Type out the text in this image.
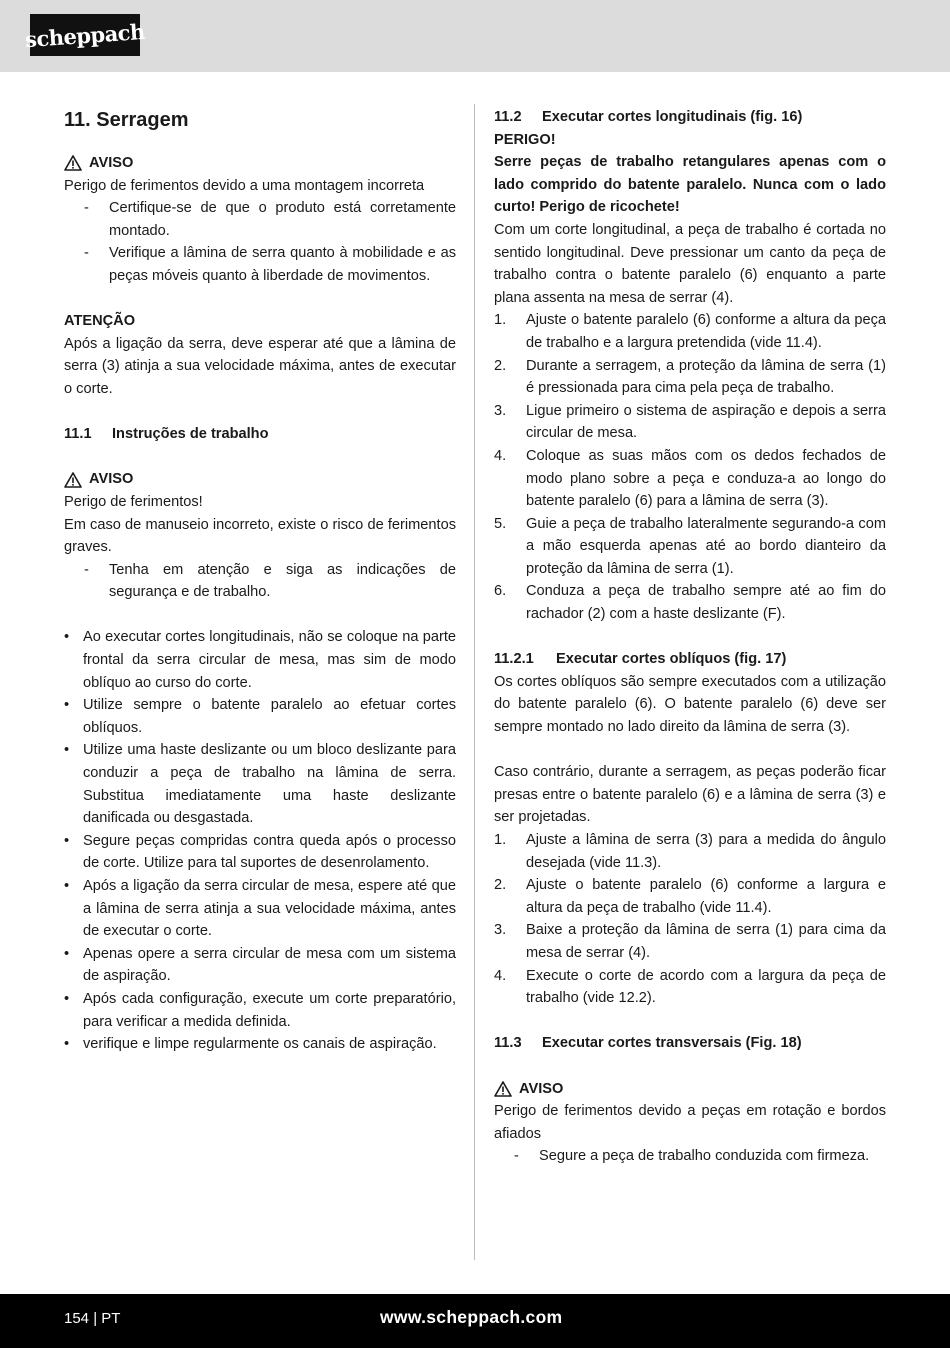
scheppach
11. Serragem
AVISO

Perigo de ferimentos devido a uma montagem incorreta

- Certifique-se de que o produto está corretamente montado.
- Verifique a lâmina de serra quanto à mobilidade e as peças móveis quanto à liberdade de movimentos.

ATENÇÃO

Após a ligação da serra, deve esperar até que a lâmina de serra (3) atinja a sua velocidade máxima, antes de executar o corte.

11.1 Instruções de trabalho

AVISO

Perigo de ferimentos!

Em caso de manuseio incorreto, existe o risco de ferimentos graves.

- Tenha em atenção e siga as indicações de segurança e de trabalho.
• Ao executar cortes longitudinais, não se coloque na parte frontal da serra circular de mesa, mas sim de modo oblíquo ao curso do corte.
• Utilize sempre o batente paralelo ao efetuar cortes oblíquos.
• Utilize uma haste deslizante ou um bloco deslizante para conduzir a peça de trabalho na lâmina de serra. Substitua imediatamente uma haste deslizante danificada ou desgastada.
• Segure peças compridas contra queda após o processo de corte. Utilize para tal suportes de desenrolamento.
• Após a ligação da serra circular de mesa, espere até que a lâmina de serra atinja a sua velocidade máxima, antes de executar o corte.
• Apenas opere a serra circular de mesa com um sistema de aspiração.
• Após cada configuração, execute um corte preparatório, para verificar a medida definida.
• verifique e limpe regularmente os canais de aspiração.

11.2 Executar cortes longitudinais (fig. 16)

PERIGO!

Serre peças de trabalho retangulares apenas com o lado comprido do batente paralelo. Nunca com o lado curto! Perigo de ricochete!

Com um corte longitudinal, a peça de trabalho é cortada no sentido longitudinal. Deve pressionar um canto da peça de trabalho contra o batente paralelo (6) enquanto a parte plana assenta na mesa de serrar (4).

1. Ajuste o batente paralelo (6) conforme a altura da peça de trabalho e a largura pretendida (vide 11.4).
2. Durante a serragem, a proteção da lâmina de serra (1) é pressionada para cima pela peça de trabalho.
3. Ligue primeiro o sistema de aspiração e depois a serra circular de mesa.
4. Coloque as suas mãos com os dedos fechados de modo plano sobre a peça e conduza-a ao longo do batente paralelo (6) para a lâmina de serra (3).
5. Guie a peça de trabalho lateralmente segurando-a com a mão esquerda apenas até ao bordo dianteiro da proteção da lâmina de serra (1).
6. Conduza a peça de trabalho sempre até ao fim do rachador (2) com a haste deslizante (F).

11.2.1 Executar cortes oblíquos (fig. 17)

Os cortes oblíquos são sempre executados com a utilização do batente paralelo (6). O batente paralelo (6) deve ser sempre montado no lado direito da lâmina de serra (3).

Caso contrário, durante a serragem, as peças poderão ficar presas entre o batente paralelo (6) e a lâmina de serra (3) e ser projetadas.

1. Ajuste a lâmina de serra (3) para a medida do ângulo desejada (vide 11.3).
2. Ajuste o batente paralelo (6) conforme a largura e altura da peça de trabalho (vide 11.4).
3. Baixe a proteção da lâmina de serra (1) para cima da mesa de serrar (4).
4. Execute o corte de acordo com a largura da peça de trabalho (vide 12.2).

11.3 Executar cortes transversais (Fig. 18)

AVISO

Perigo de ferimentos devido a peças em rotação e bordos afiados

- Segure a peça de trabalho conduzida com firmeza.
154 | PT	www.scheppach.com
